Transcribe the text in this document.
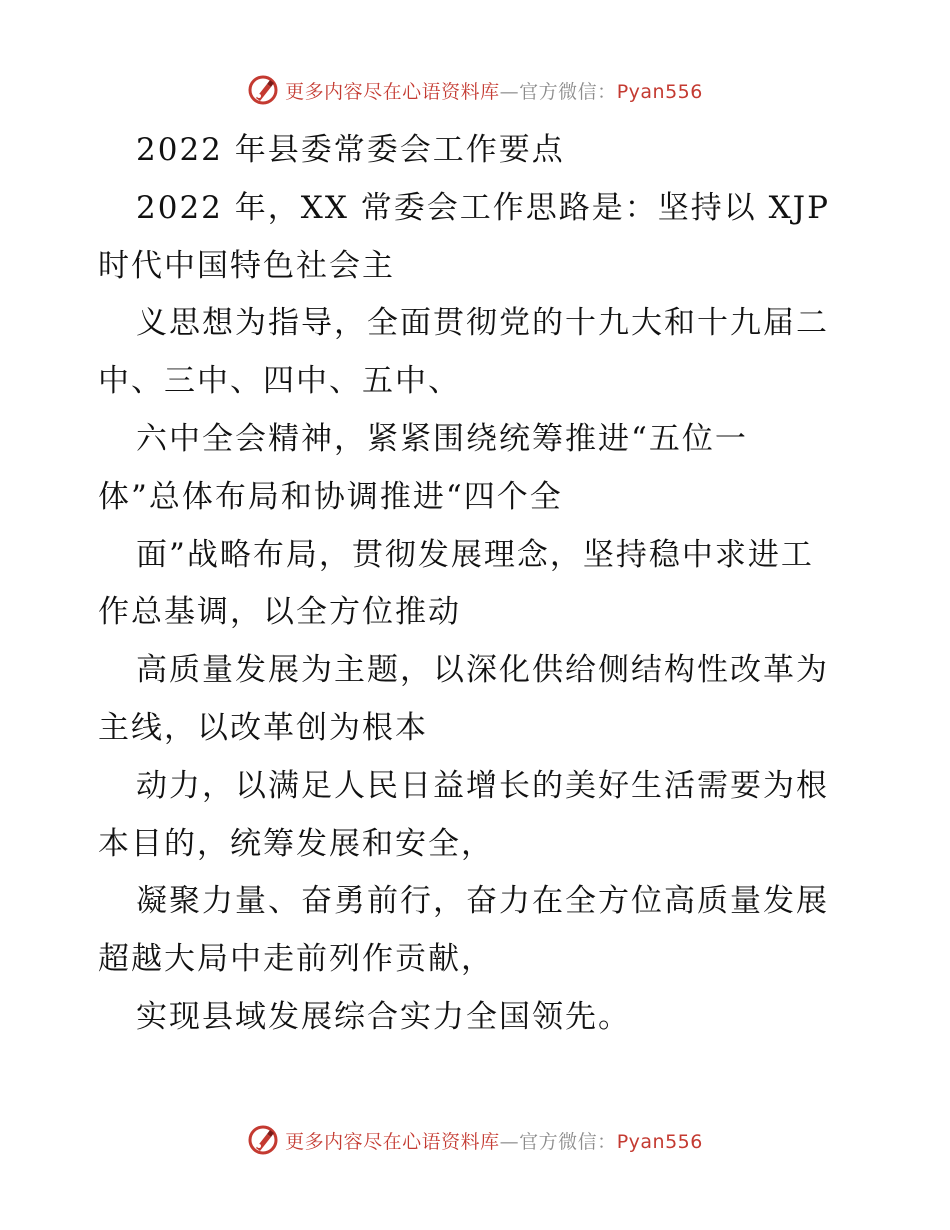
更多内容尽在心语资料库—官方微信：Pyan556
2022 年县委常委会工作要点
2022 年，XX 常委会工作思路是：坚持以 XJP
时代中国特色社会主
义思想为指导，全面贯彻党的十九大和十九届二
中、三中、四中、五中、
六中全会精神，紧紧围绕统筹推进“五位一
体”总体布局和协调推进“四个全
面”战略布局，贯彻发展理念，坚持稳中求进工
作总基调，以全方位推动
高质量发展为主题，以深化供给侧结构性改革为
主线，以改革创为根本
动力，以满足人民日益增长的美好生活需要为根
本目的，统筹发展和安全，
凝聚力量、奋勇前行，奋力在全方位高质量发展
超越大局中走前列作贡献，
实现县域发展综合实力全国领先。
更多内容尽在心语资料库—官方微信：Pyan556
